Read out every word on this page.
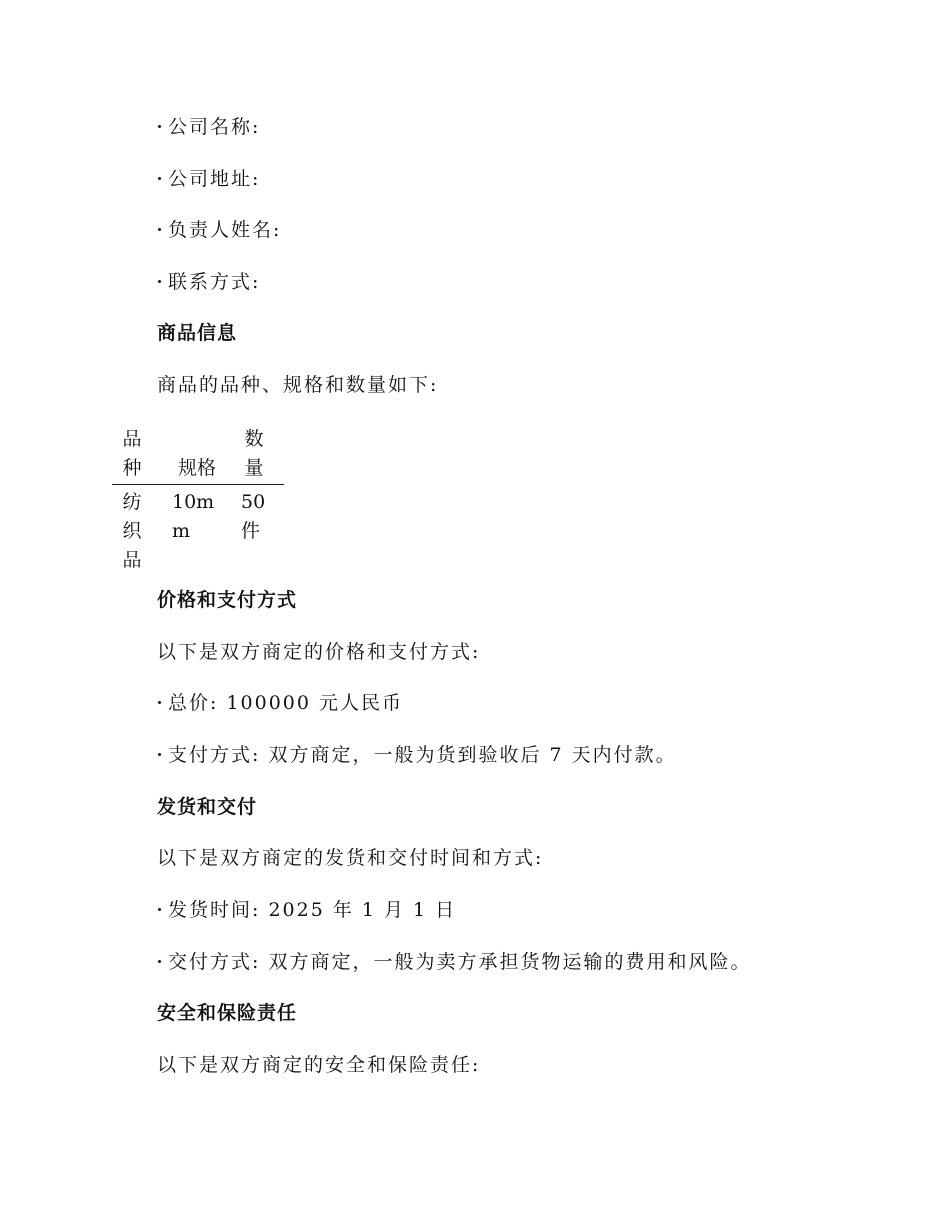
公司名称:
公司地址:
负责人姓名:
联系方式:
商品信息
商品的品种、规格和数量如下:
品
种 规格
数
量
纺
织
品
10m
m
50
件
价格和支付方式
以下是双方商定的价格和支付方式:
总价: 100000 元人民币
支付方式: 双方商定，一般为货到验收后 7 天内付款。
发货和交付
以下是双方商定的发货和交付时间和方式:
发货时间: 2025 年 1 月 1 日
交付方式: 双方商定，一般为卖方承担货物运输的费用和风险。
安全和保险责任
以下是双方商定的安全和保险责任:
